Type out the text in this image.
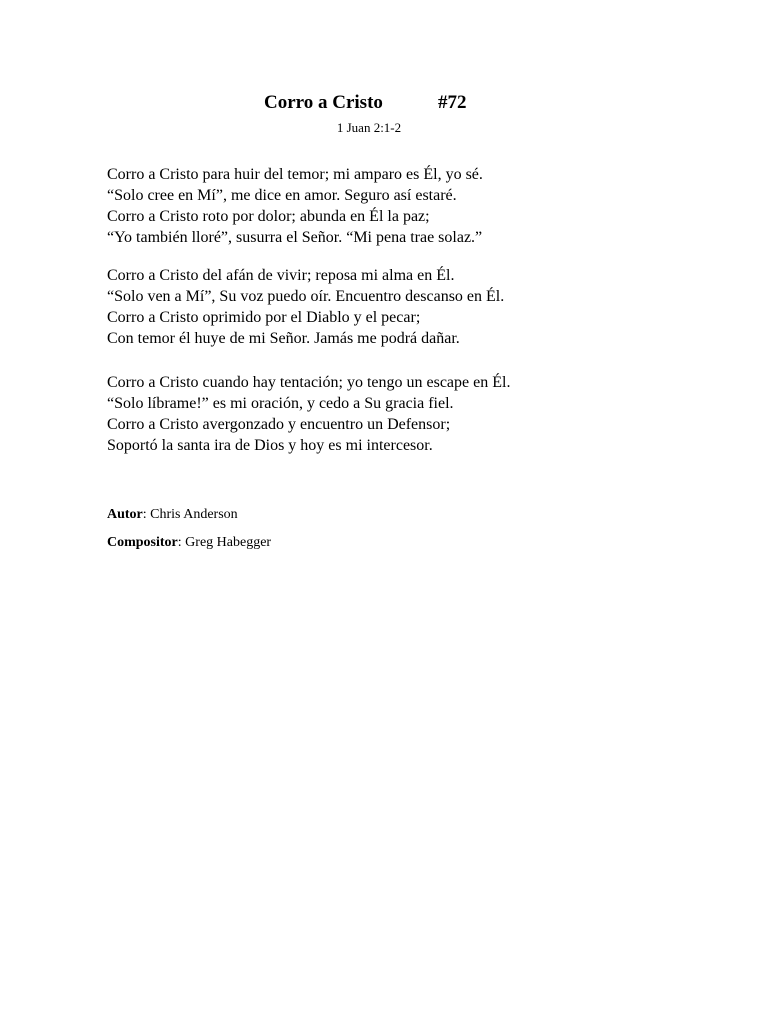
Corro a Cristo	#72
1 Juan 2:1-2
Corro a Cristo para huir del temor; mi amparo es Él, yo sé.
“Solo cree en Mí”, me dice en amor. Seguro así estaré.
Corro a Cristo roto por dolor; abunda en Él la paz;
“Yo también lloré”, susurra el Señor. “Mi pena trae solaz.”
Corro a Cristo del afán de vivir; reposa mi alma en Él.
“Solo ven a Mí”, Su voz puedo oír. Encuentro descanso en Él.
Corro a Cristo oprimido por el Diablo y el pecar;
Con temor él huye de mi Señor. Jamás me podrá dañar.
Corro a Cristo cuando hay tentación; yo tengo un escape en Él.
“Solo líbrame!” es mi oración, y cedo a Su gracia fiel.
Corro a Cristo avergonzado y encuentro un Defensor;
Soportó la santa ira de Dios y hoy es mi intercesor.
Autor: Chris Anderson
Compositor: Greg Habegger
